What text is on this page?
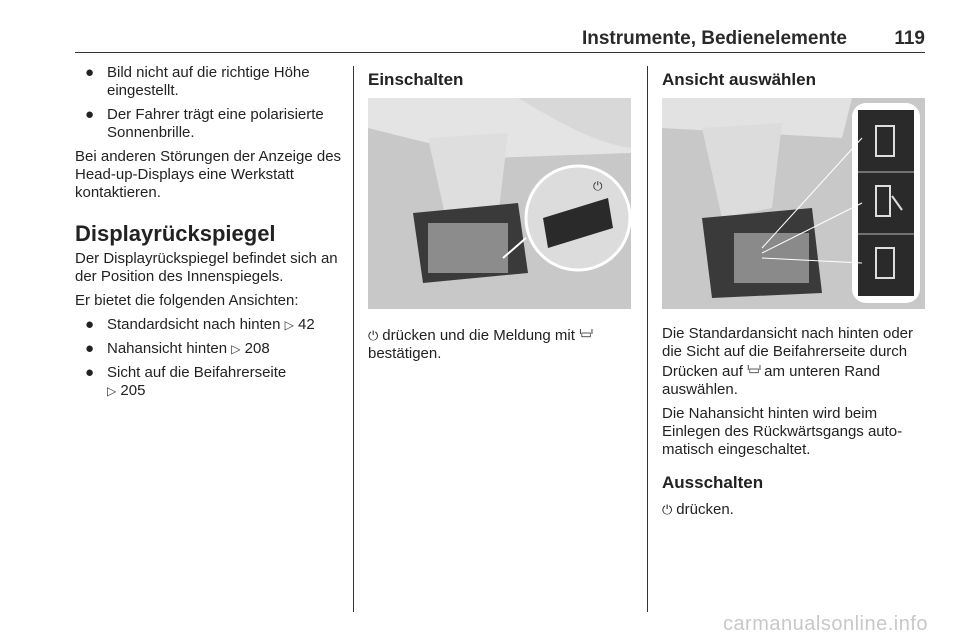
Instrumente, Bedienelemente 119
● Bild nicht auf die richtige Höhe eingestellt.
● Der Fahrer trägt eine polarisierte Sonnenbrille.

Bei anderen Störungen der Anzeige des Head-up-Displays eine Werkstatt kontaktieren.

Displayrückspiegel

Der Displayrückspiegel befindet sich an der Position des Innenspiegels.

Er bietet die folgenden Ansichten:

● Standardsicht nach hinten ▷ 42
● Nahansicht hinten ▷ 208
● Sicht auf die Beifahrerseite
▷ 205
Einschalten
⏻

⏻ drücken und die Meldung mit ᑊ▭ᑊ
bestätigen.

Ansicht auswählen

Die Standardansicht nach hinten oder die Sicht auf die Beifahrerseite durch Drücken auf ᑊ▭ᑊ am unteren Rand auswählen.

Die Nahansicht hinten wird beim Einlegen des Rückwärtsgangs automatisch eingeschaltet.

Ausschalten

⏻ drücken.

carmanualsonline.info
